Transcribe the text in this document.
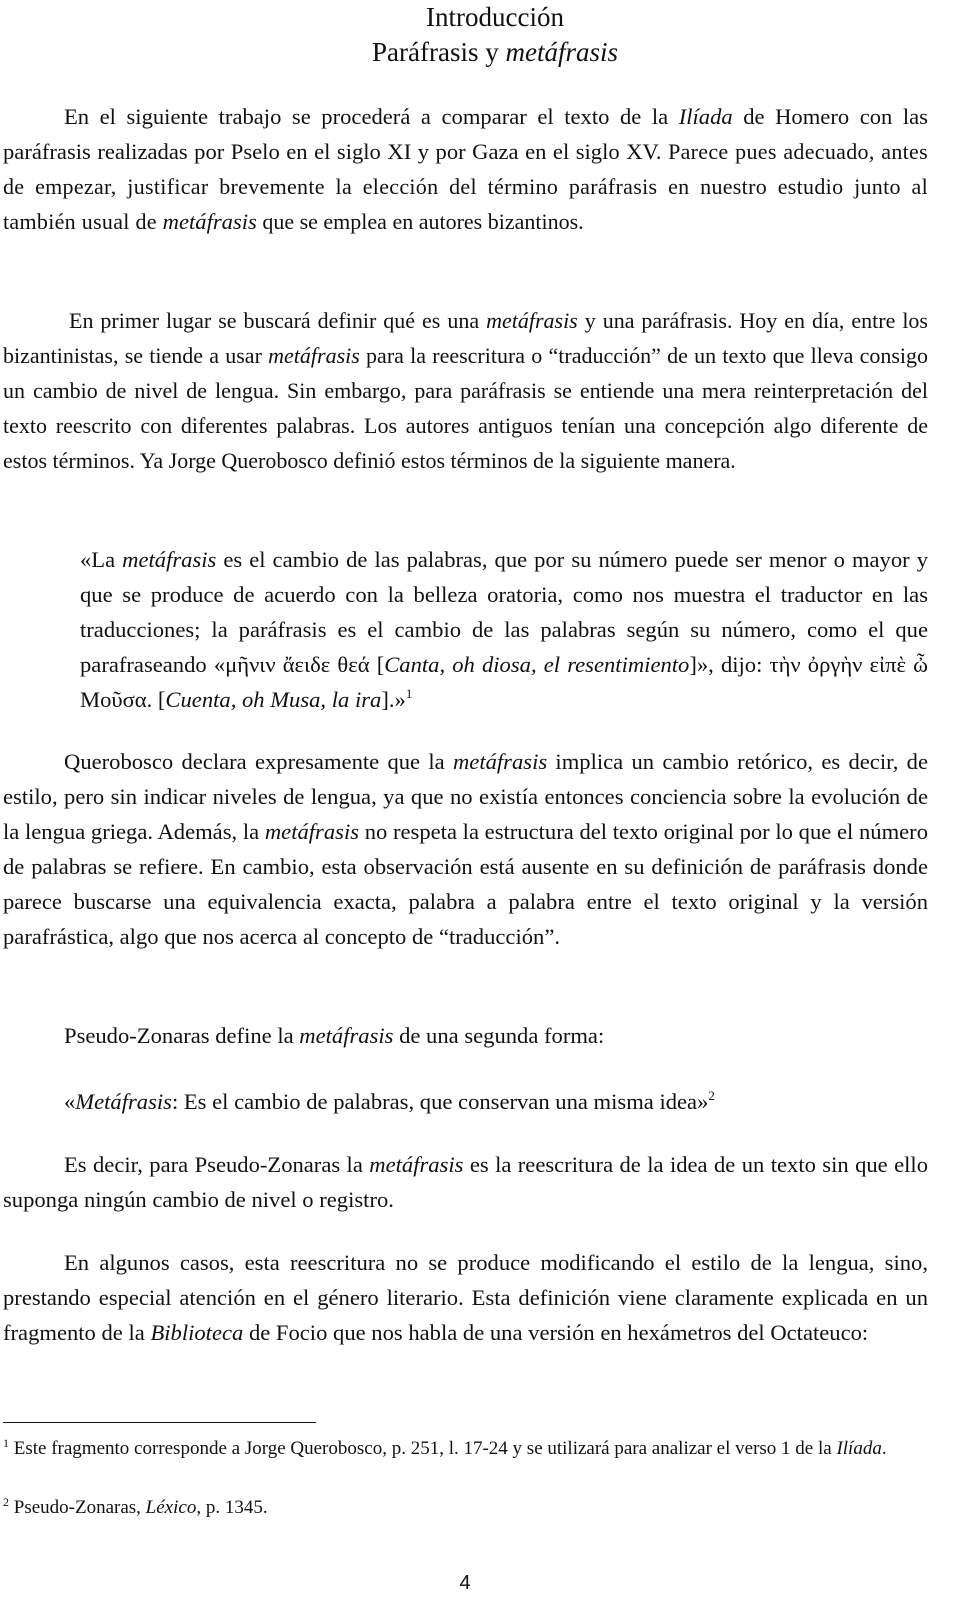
Introducción
Paráfrasis y metáfrasis

En el siguiente trabajo se procederá a comparar el texto de la Ilíada de Homero con las paráfrasis realizadas por Pselo en el siglo XI y por Gaza en el siglo XV. Parece pues adecuado, antes de empezar, justificar brevemente la elección del término paráfrasis en nuestro estudio junto al también usual de metáfrasis que se emplea en autores bizantinos.

En primer lugar se buscará definir qué es una metáfrasis y una paráfrasis. Hoy en día, entre los bizantinistas, se tiende a usar metáfrasis para la reescritura o “traducción” de un texto que lleva consigo un cambio de nivel de lengua. Sin embargo, para paráfrasis se entiende una mera reinterpretación del texto reescrito con diferentes palabras. Los autores antiguos tenían una concepción algo diferente de estos términos. Ya Jorge Querobosco definió estos términos de la siguiente manera.

«La metáfrasis es el cambio de las palabras, que por su número puede ser menor o mayor y que se produce de acuerdo con la belleza oratoria, como nos muestra el traductor en las traducciones; la paráfrasis es el cambio de las palabras según su número, como el que parafraseando «μῆνιν ἄειδε θεά [Canta, oh diosa, el resentimiento]», dijo: τὴν ὀργὴν εἰπὲ ὦ Μοῦσα. [Cuenta, oh Musa, la ira].»$^1$

Querobosco declara expresamente que la metáfrasis implica un cambio retórico, es decir, de estilo, pero sin indicar niveles de lengua, ya que no existía entonces conciencia sobre la evolución de la lengua griega. Además, la metáfrasis no respeta la estructura del texto original por lo que el número de palabras se refiere. En cambio, esta observación está ausente en su definición de paráfrasis donde parece buscarse una equivalencia exacta, palabra a palabra entre el texto original y la versión parafrástica, algo que nos acerca al concepto de “traducción”.

Pseudo-Zonaras define la metáfrasis de una segunda forma:

«Metáfrasis: Es el cambio de palabras, que conservan una misma idea»$^2$

Es decir, para Pseudo-Zonaras la metáfrasis es la reescritura de la idea de un texto sin que ello suponga ningún cambio de nivel o registro.

En algunos casos, esta reescritura no se produce modificando el estilo de la lengua, sino, prestando especial atención en el género literario. Esta definición viene claramente explicada en un fragmento de la Biblioteca de Focio que nos habla de una versión en hexámetros del Octateuco:

$^1$ Este fragmento corresponde a Jorge Querobosco, p. 251, l. 17-24 y se utilizará para analizar el verso 1 de la Ilíada.

$^2$ Pseudo-Zonaras, Léxico, p. 1345.

4
